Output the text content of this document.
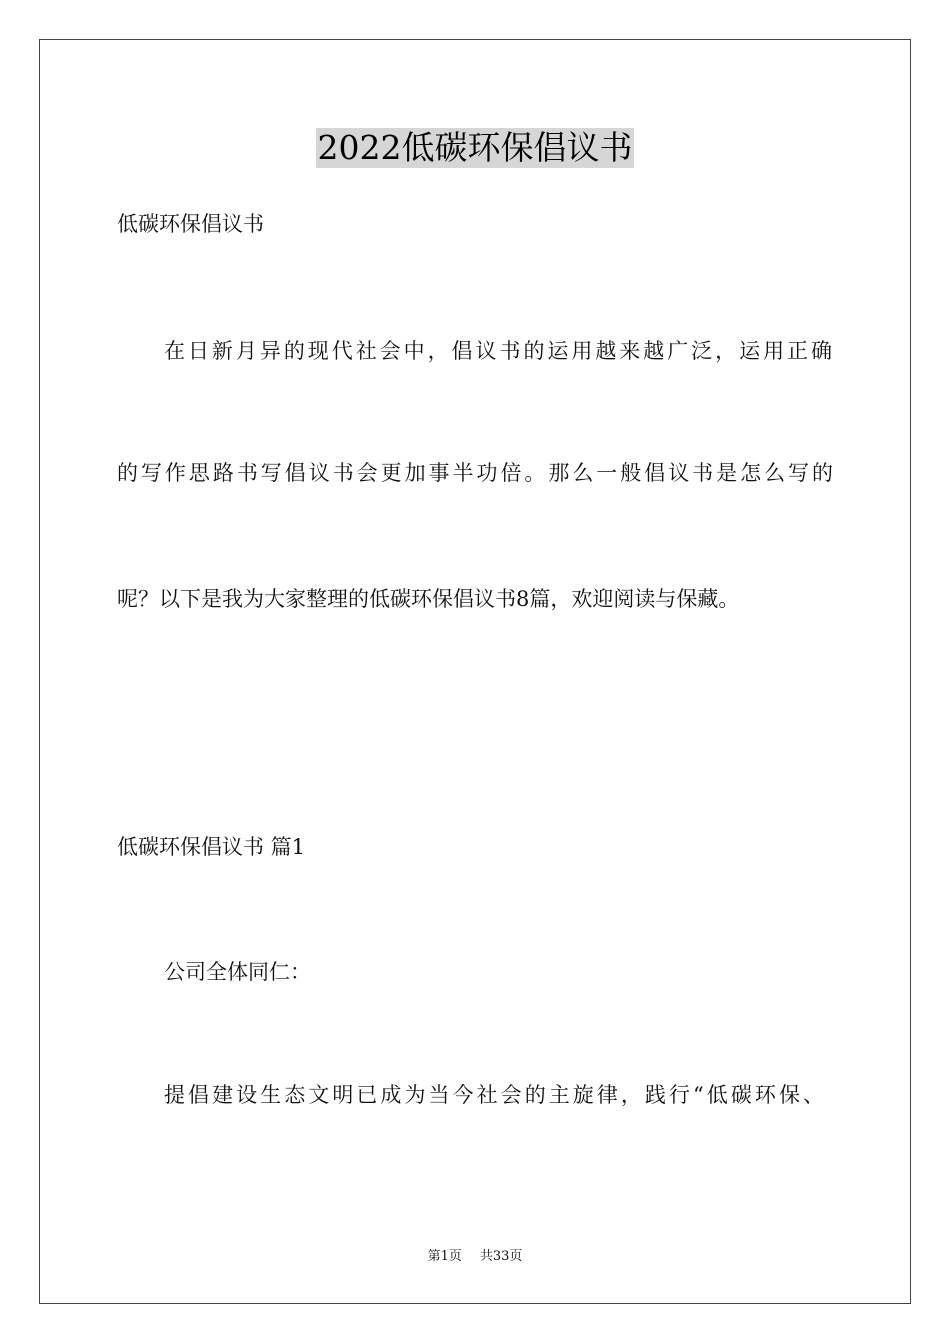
2022低碳环保倡议书
低碳环保倡议书
在日新月异的现代社会中，倡议书的运用越来越广泛，运用正确
的写作思路书写倡议书会更加事半功倍。那么一般倡议书是怎么写的
呢？以下是我为大家整理的低碳环保倡议书8篇，欢迎阅读与保藏。
低碳环保倡议书 篇1
公司全体同仁：
提倡建设生态文明已成为当今社会的主旋律，践行“低碳环保、
第1页 共33页
